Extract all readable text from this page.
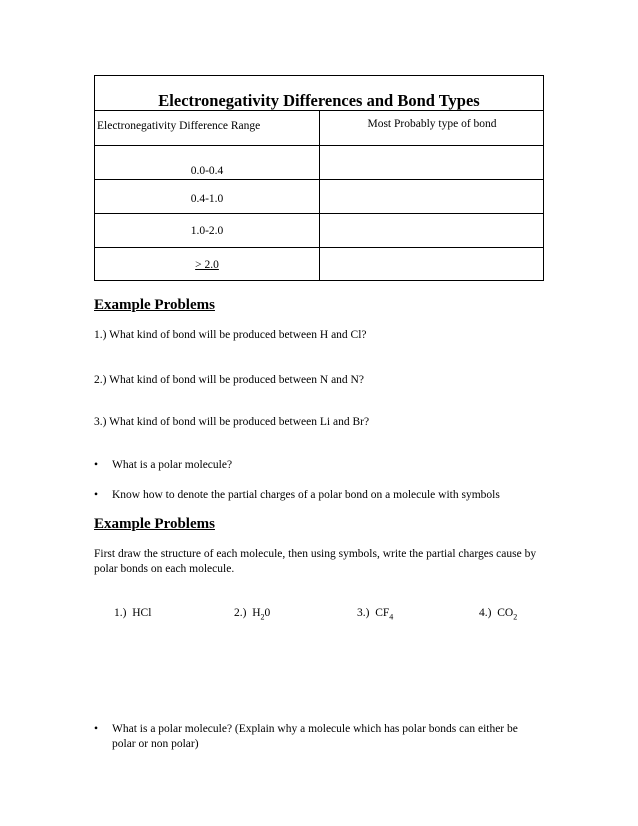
Electronegativity Differences and Bond Types
Electronegativity Difference Range	Most Probably type of bond
0.0-0.4
0.4-1.0
1.0-2.0
> 2.0
Example Problems
1.) What kind of bond will be produced between H and Cl?
2.) What kind of bond will be produced between N and N?
3.) What kind of bond will be produced between Li and Br?
• What is a polar molecule?
• Know how to denote the partial charges of a polar bond on a molecule with symbols
Example Problems
First draw the structure of each molecule, then using symbols, write the partial charges cause by polar bonds on each molecule.
1.) HCl	2.) $H_20$	3.) $CF_4$	4.) $CO_2$
• What is a polar molecule? (Explain why a molecule which has polar bonds can either be polar or non polar)
